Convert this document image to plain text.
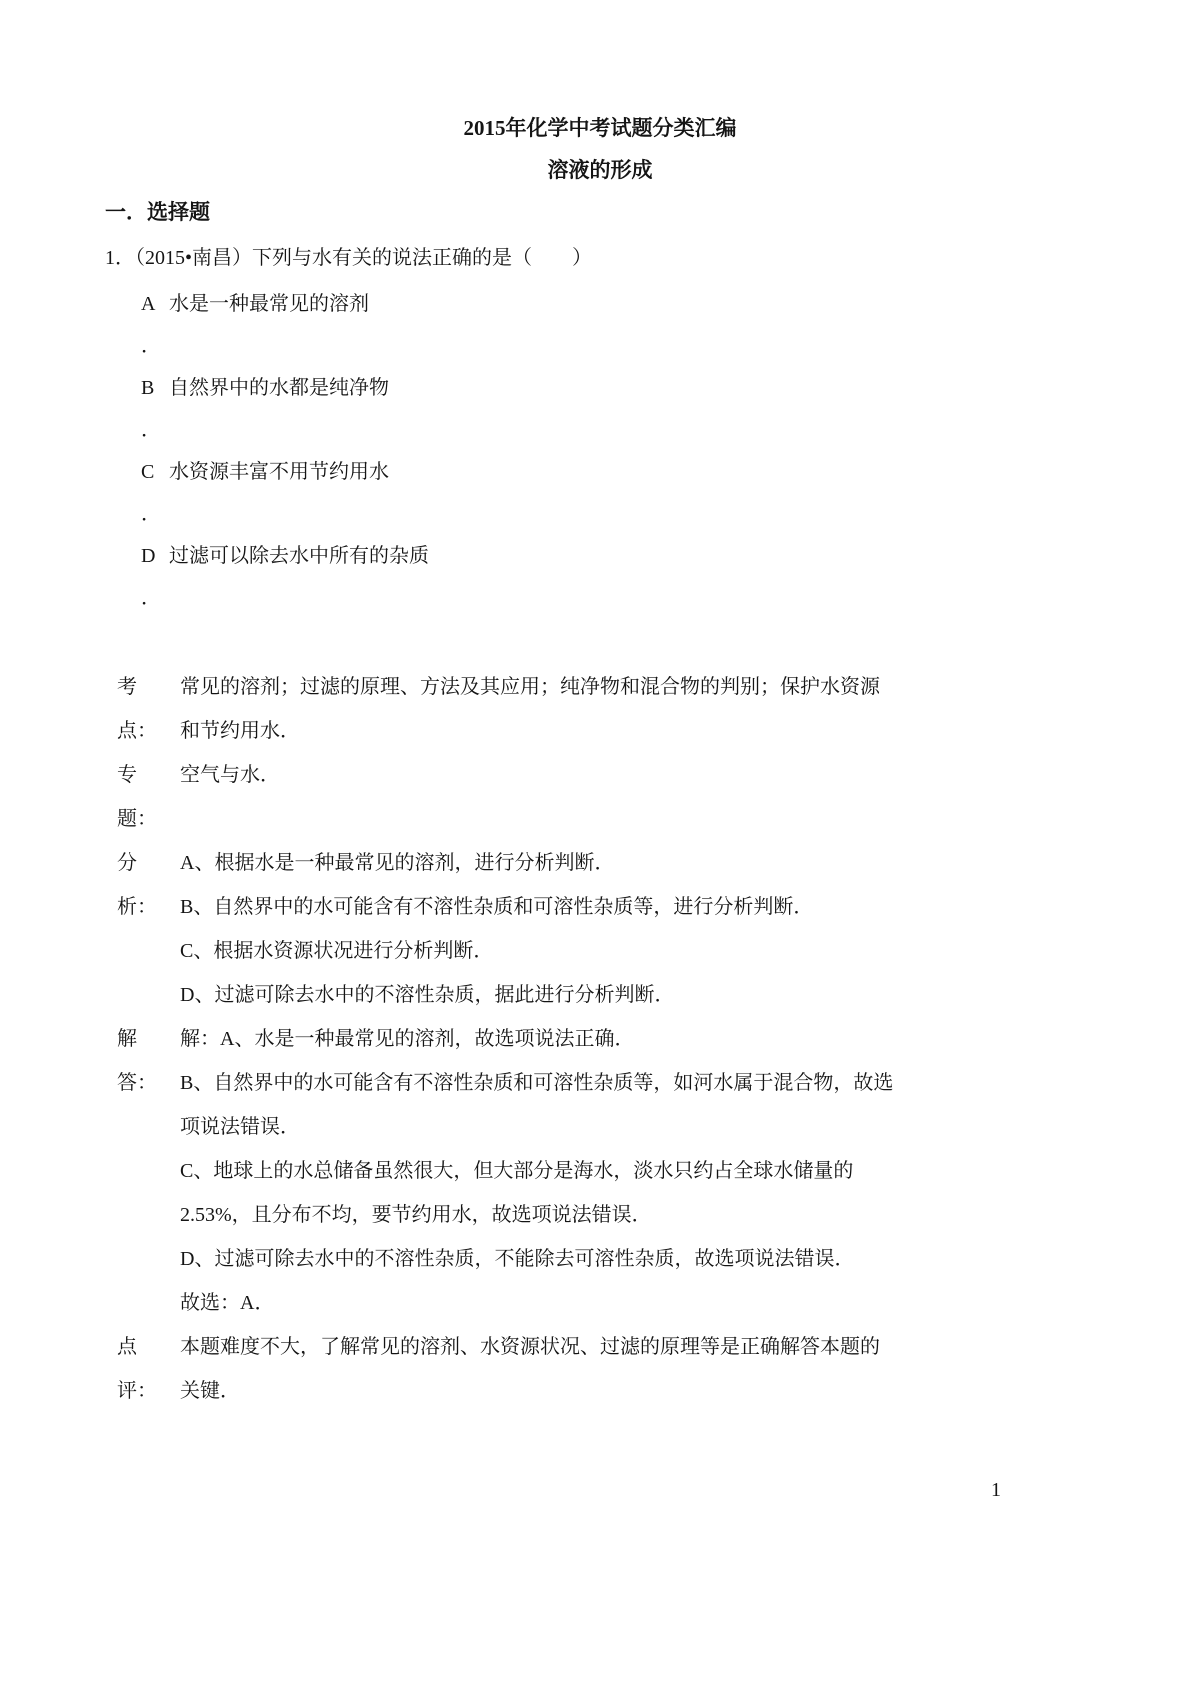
2015年化学中考试题分类汇编
溶液的形成
一．选择题
1．（2015•南昌）下列与水有关的说法正确的是（　　）
A 水是一种最常见的溶剂
．
B 自然界中的水都是纯净物
．
C 水资源丰富不用节约用水
．
D 过滤可以除去水中所有的杂质
．
考
点：
常见的溶剂；过滤的原理、方法及其应用；纯净物和混合物的判别；保护水资源
和节约用水．
专
题：
空气与水．
分
析：
A、根据水是一种最常见的溶剂，进行分析判断．
B、自然界中的水可能含有不溶性杂质和可溶性杂质等，进行分析判断．
C、根据水资源状况进行分析判断．
D、过滤可除去水中的不溶性杂质，据此进行分析判断．
解
答：
解：A、水是一种最常见的溶剂，故选项说法正确．
B、自然界中的水可能含有不溶性杂质和可溶性杂质等，如河水属于混合物，故选
项说法错误．
C、地球上的水总储备虽然很大，但大部分是海水，淡水只约占全球水储量的
2.53%，且分布不均，要节约用水，故选项说法错误．
D、过滤可除去水中的不溶性杂质，不能除去可溶性杂质，故选项说法错误．
故选：A．
点
评：
本题难度不大，了解常见的溶剂、水资源状况、过滤的原理等是正确解答本题的
关键．
1
